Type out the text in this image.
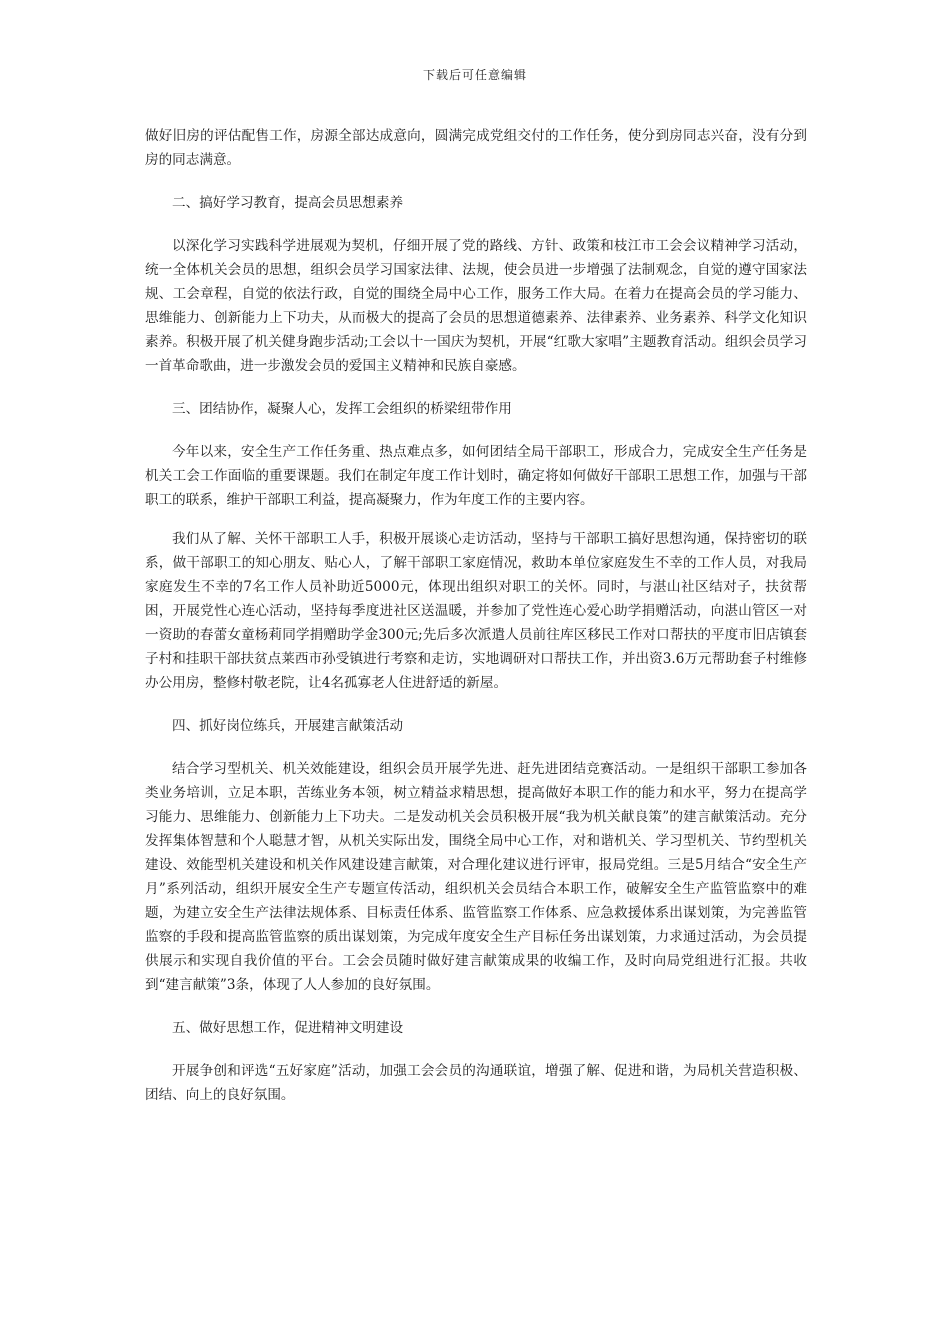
下载后可任意编辑

做好旧房的评估配售工作，房源全部达成意向，圆满完成党组交付的工作任务，使分到房同志兴奋，没有分到房的同志满意。

二、搞好学习教育，提高会员思想素养

以深化学习实践科学进展观为契机，仔细开展了党的路线、方针、政策和枝江市工会会议精神学习活动，统一全体机关会员的思想，组织会员学习国家法律、法规，使会员进一步增强了法制观念，自觉的遵守国家法规、工会章程，自觉的依法行政，自觉的围绕全局中心工作，服务工作大局。在着力在提高会员的学习能力、思维能力、创新能力上下功夫，从而极大的提高了会员的思想道德素养、法律素养、业务素养、科学文化知识素养。积极开展了机关健身跑步活动;工会以十一国庆为契机，开展“红歌大家唱”主题教育活动。组织会员学习一首革命歌曲，进一步激发会员的爱国主义精神和民族自豪感。

三、团结协作，凝聚人心，发挥工会组织的桥梁纽带作用

今年以来，安全生产工作任务重、热点难点多，如何团结全局干部职工，形成合力，完成安全生产任务是机关工会工作面临的重要课题。我们在制定年度工作计划时，确定将如何做好干部职工思想工作，加强与干部职工的联系，维护干部职工利益，提高凝聚力，作为年度工作的主要内容。

我们从了解、关怀干部职工人手，积极开展谈心走访活动，坚持与干部职工搞好思想沟通，保持密切的联系，做干部职工的知心朋友、贴心人，了解干部职工家庭情况，救助本单位家庭发生不幸的工作人员，对我局家庭发生不幸的7名工作人员补助近5000元，体现出组织对职工的关怀。同时，与湛山社区结对子，扶贫帮困，开展党性心连心活动，坚持每季度进社区送温暖，并参加了党性连心爱心助学捐赠活动，向湛山管区一对一资助的春蕾女童杨莉同学捐赠助学金300元;先后多次派遣人员前往库区移民工作对口帮扶的平度市旧店镇套子村和挂职干部扶贫点莱西市孙受镇进行考察和走访，实地调研对口帮扶工作，并出资3.6万元帮助套子村维修办公用房，整修村敬老院，让4名孤寡老人住进舒适的新屋。

四、抓好岗位练兵，开展建言献策活动

结合学习型机关、机关效能建设，组织会员开展学先进、赶先进团结竞赛活动。一是组织干部职工参加各类业务培训，立足本职，苦练业务本领，树立精益求精思想，提高做好本职工作的能力和水平，努力在提高学习能力、思维能力、创新能力上下功夫。二是发动机关会员积极开展“我为机关献良策”的建言献策活动。充分发挥集体智慧和个人聪慧才智，从机关实际出发，围绕全局中心工作，对和谐机关、学习型机关、节约型机关建设、效能型机关建设和机关作风建设建言献策，对合理化建议进行评审，报局党组。三是5月结合“安全生产月”系列活动，组织开展安全生产专题宣传活动，组织机关会员结合本职工作，破解安全生产监管监察中的难题，为建立安全生产法律法规体系、目标责任体系、监管监察工作体系、应急救援体系出谋划策，为完善监管监察的手段和提高监管监察的质出谋划策，为完成年度安全生产目标任务出谋划策，力求通过活动，为会员提供展示和实现自我价值的平台。工会会员随时做好建言献策成果的收编工作，及时向局党组进行汇报。共收到“建言献策”3条，体现了人人参加的良好氛围。

五、做好思想工作，促进精神文明建设

开展争创和评选“五好家庭”活动，加强工会会员的沟通联谊，增强了解、促进和谐，为局机关营造积极、团结、向上的良好氛围。
